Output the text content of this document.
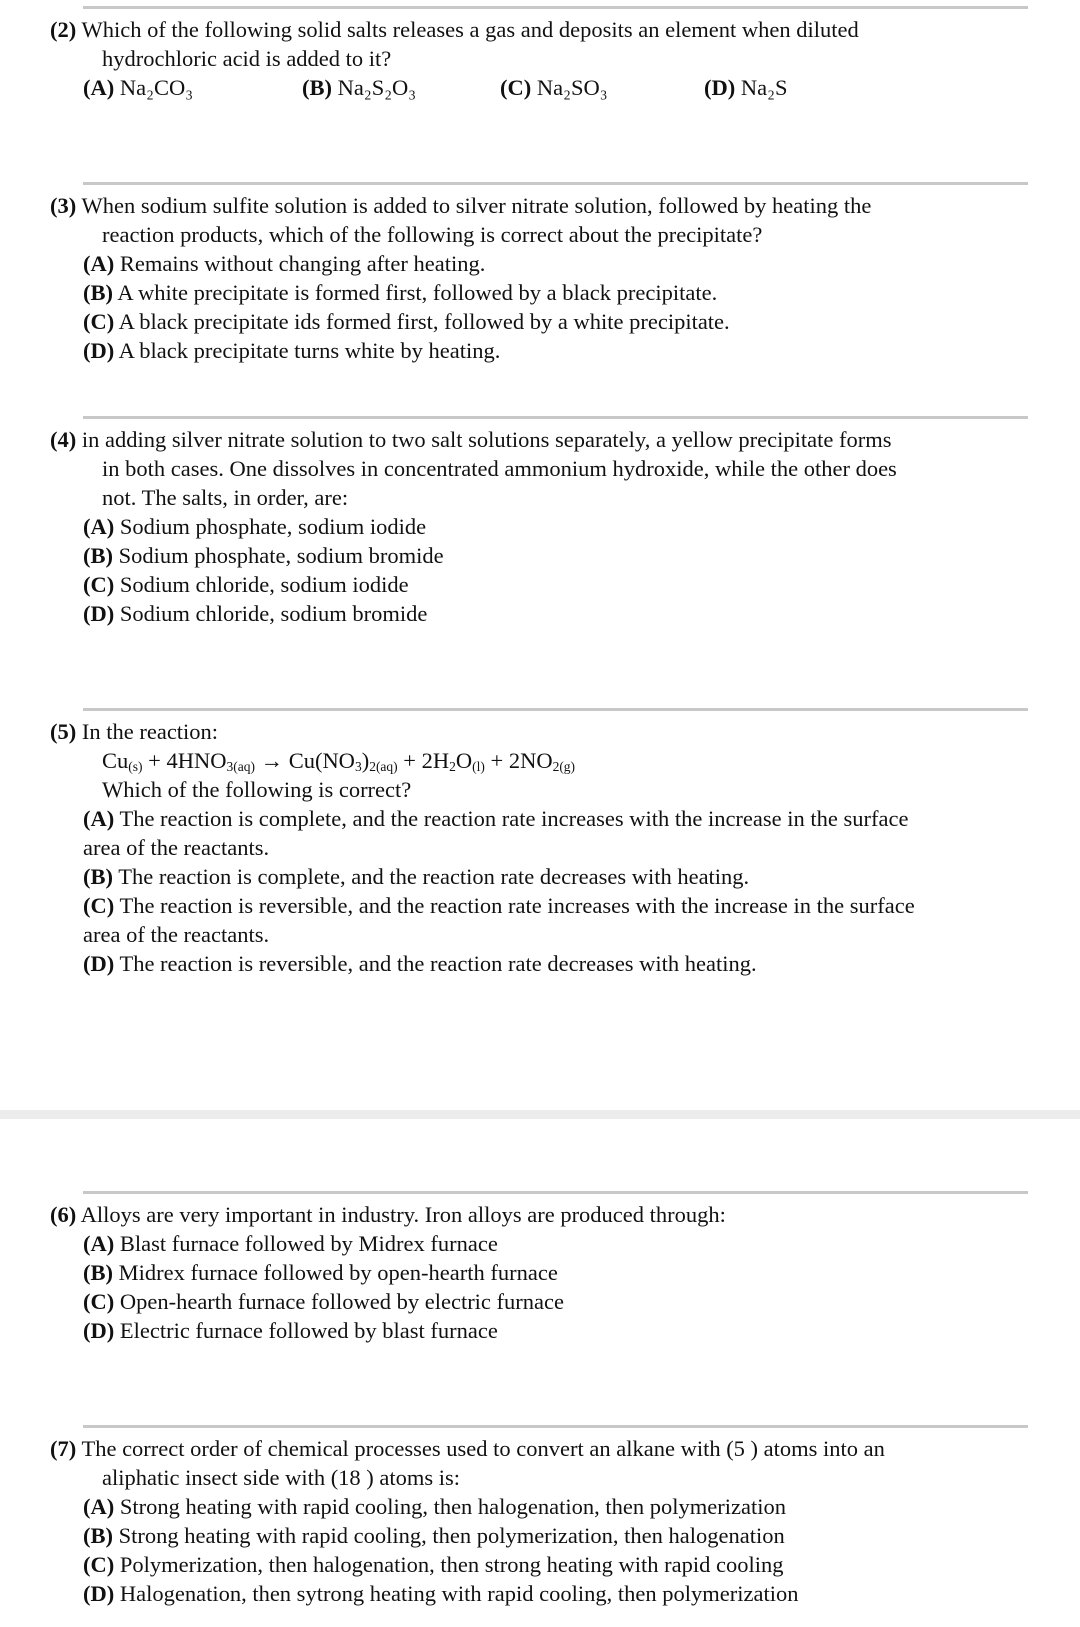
(2) Which of the following solid salts releases a gas and deposits an element when diluted
hydrochloric acid is added to it?
(A) Na₂CO₃	(B) Na₂S₂O₃	(C) Na₂SO₃	(D) Na₂S
(3) When sodium sulfite solution is added to silver nitrate solution, followed by heating the
reaction products, which of the following is correct about the precipitate?
(A) Remains without changing after heating.
(B) A white precipitate is formed first, followed by a black precipitate.
(C) A black precipitate ids formed first, followed by a white precipitate.
(D) A black precipitate turns white by heating.
(4) in adding silver nitrate solution to two salt solutions separately, a yellow precipitate forms
in both cases. One dissolves in concentrated ammonium hydroxide, while the other does
not. The salts, in order, are:
(A) Sodium phosphate, sodium iodide
(B) Sodium phosphate, sodium bromide
(C) Sodium chloride, sodium iodide
(D) Sodium chloride, sodium bromide
(5) In the reaction:
$Cu_{(s)} + 4HNO_{3(aq)} \to Cu(NO_3)_{2(aq)} + 2H_2O_{(l)} + 2NO_{2(g)}$
Which of the following is correct?
(A) The reaction is complete, and the reaction rate increases with the increase in the surface
area of the reactants.
(B) The reaction is complete, and the reaction rate decreases with heating.
(C) The reaction is reversible, and the reaction rate increases with the increase in the surface
area of the reactants.
(D) The reaction is reversible, and the reaction rate decreases with heating.
(6) Alloys are very important in industry. Iron alloys are produced through:
(A) Blast furnace followed by Midrex furnace
(B) Midrex furnace followed by open-hearth furnace
(C) Open-hearth furnace followed by electric furnace
(D) Electric furnace followed by blast furnace
(7) The correct order of chemical processes used to convert an alkane with (5 ) atoms into an
aliphatic insect side with (18 ) atoms is:
(A) Strong heating with rapid cooling, then halogenation, then polymerization
(B) Strong heating with rapid cooling, then polymerization, then halogenation
(C) Polymerization, then halogenation, then strong heating with rapid cooling
(D) Halogenation, then sytrong heating with rapid cooling, then polymerization
